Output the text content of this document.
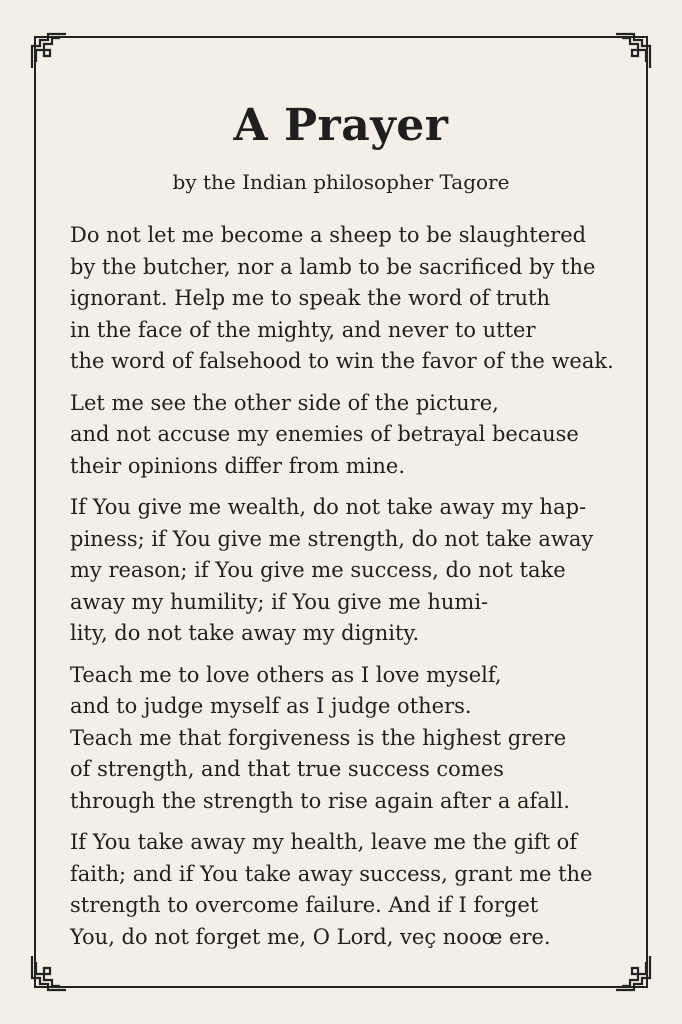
A Prayer

by the Indian philosopher Tagore

Do not let me become a sheep to be slaughtered
by the butcher, nor a lamb to be sacrificed by the
ignorant. Help me to speak the word of truth
in the face of the mighty, and never to utter
the word of falsehood to win the favor of the weak.
Let me see the other side of the picture,
and not accuse my enemies of betrayal because
their opinions differ from mine.
If You give me wealth, do not take away my hap-
piness; if You give me strength, do not take away
my reason; if You give me success, do not take
away my humility; if You give me humi-
lity, do not take away my dignity.
Teach me to love others as I love myself,
and to judge myself as I judge others.
Teach me that forgiveness is the highest grere
of strength, and that true success comes
through the strength to rise again after a afall.
If You take away my health, leave me the gift of
faith; and if You take away success, grant me the
strength to overcome failure. And if I forget
You, do not forget me, O Lord, veç nooœ ere.
